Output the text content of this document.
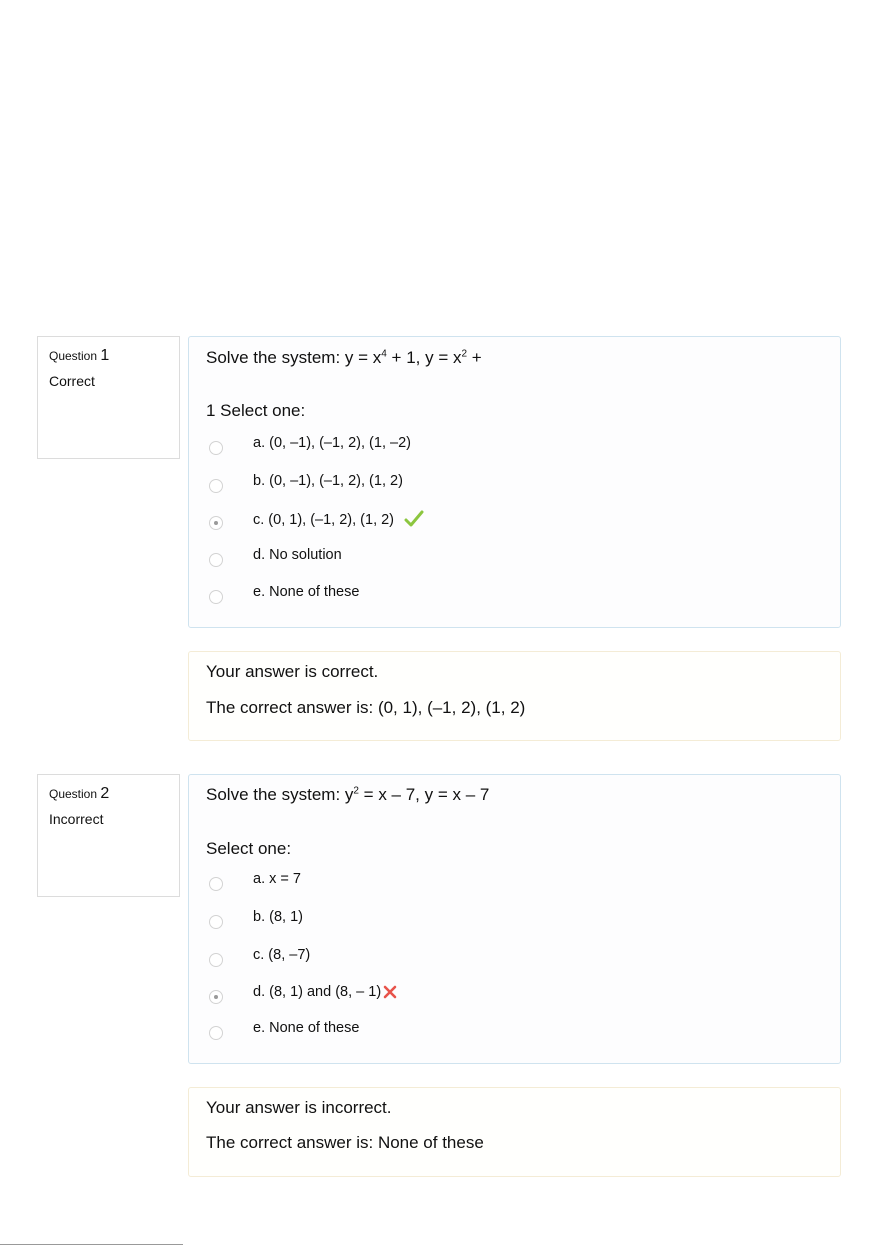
Question 1
Correct
Solve the system: $y = x^4 + 1$, $y = x^2$ +
1 Select one:
a. (0, –1), (–1, 2), (1, –2)
b. (0, –1), (–1, 2), (1, 2)
c. (0, 1), (–1, 2), (1, 2)
d. No solution
e. None of these
Your answer is correct.
The correct answer is: (0, 1), (–1, 2), (1, 2)
Question 2
Incorrect
Solve the system: $y^2 = x - 7$, y = x – 7
Select one:
a. x = 7
b. (8, 1)
c. (8, –7)
d. (8, 1) and (8, – 1)
e. None of these
Your answer is incorrect.
The correct answer is: None of these
